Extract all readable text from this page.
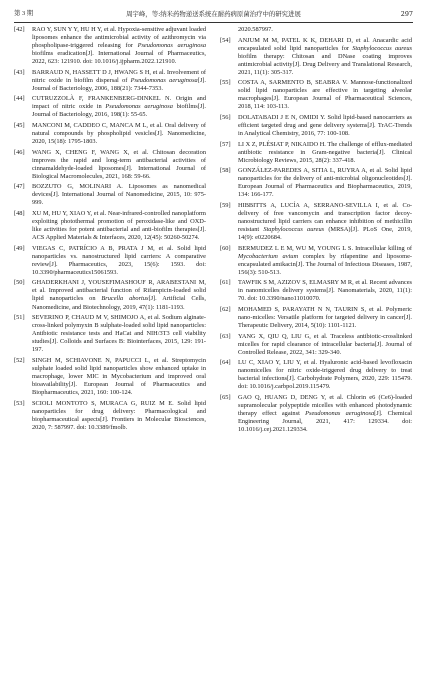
第 3 期	周宇峰，等:纳米药物递送系统在耐药病原菌治疗中的研究进展	297
[42] RAO Y, SUN Y Y, HU H Y, et al. Hypoxia-sensitive adjuvant loaded liposomes enhance the antimicrobial activity of azithromycin via phospholipase-triggered releasing for Pseudomonas aeruginosa biofilms eradication[J]. International Journal of Pharmaceutics, 2022, 623: 121910. doi: 10.1016/j.ijpharm.2022.121910.
[43] BARRAUD N, HASSETT D J, HWANG S H, et al. Involvement of nitric oxide in biofilm dispersal of Pseudomonas aeruginosa[J]. Journal of Bacteriology, 2006, 188(21): 7344-7353.
[44] CUTRUZZOLÀ F, FRANKENBERG-DINKEL N. Origin and impact of nitric oxide in Pseudomonas aeruginosa biofilms[J]. Journal of Bacteriology, 2016, 198(1): 55-65.
[45] MANCONI M, CADDEO C, MANCA M L, et al. Oral delivery of natural compounds by phospholipid vesicles[J]. Nanomedicine, 2020, 15(18): 1795-1803.
[46] WANG X, CHENG F, WANG X, et al. Chitosan decoration improves the rapid and long-term antibacterial activities of cinnamaldehyde-loaded liposomes[J]. International Journal of Biological Macromolecules, 2021, 168: 59-66.
[47] BOZZUTO G, MOLINARI A. Liposomes as nanomedical devices[J]. International Journal of Nanomedicine, 2015, 10: 975-999.
[48] XU M, HU Y, XIAO Y, et al. Near-infrared-controlled nanoplatform exploiting photothermal promotion of peroxidase-like and OXD-like activities for potent antibacterial and anti-biofilm therapies[J]. ACS Applied Materials & Interfaces, 2020, 12(45): 50260-50274.
[49] VIEGAS C, PATRÍCIO A B, PRATA J M, et al. Solid lipid nanoparticles vs. nanostructured lipid carriers: A comparative review[J]. Pharmaceutics, 2023, 15(6): 1593. doi: 10.3390/pharmaceutics15061593.
[50] GHADERKHANI J, YOUSEFIMASHOUF R, ARABESTANI M, et al. Improved antibacterial function of Rifampicin-loaded solid lipid nanoparticles on Brucella abortus[J]. Artificial Cells, Nanomedicine, and Biotechnology, 2019, 47(1): 1181-1193.
[51] SEVERINO P, CHAUD M V, SHIMOJO A, et al. Sodium alginate-cross-linked polymyxin B sulphate-loaded solid lipid nanoparticles: Antibiotic resistance tests and HaCat and NIH/3T3 cell viability studies[J]. Colloids and Surfaces B: Biointerfaces, 2015, 129: 191-197.
[52] SINGH M, SCHIAVONE N, PAPUCCI L, et al. Streptomycin sulphate loaded solid lipid nanoparticles show enhanced uptake in macrophage, lower MIC in Mycobacterium and improved oral bioavailability[J]. European Journal of Pharmaceutics and Biopharmaceutics, 2021, 160: 100-124.
[53] SCIOLI MONTOTO S, MURACA G, RUIZ M E. Solid lipid nanoparticles for drug delivery: Pharmacological and biopharmaceutical aspects[J]. Frontiers in Molecular Biosciences, 2020, 7: 587997. doi: 10.3389/fmolb.
2020.587997.
[54] ANJUM M M, PATEL K K, DEHARI D, et al. Anacardic acid encapsulated solid lipid nanoparticles for Staphylococcus aureus biofilm therapy: Chitosan and DNase coating improves antimicrobial activity[J]. Drug Delivery and Translational Research, 2021, 11(1): 305-317.
[55] COSTA A, SARMENTO B, SEABRA V. Mannose-functionalized solid lipid nanoparticles are effective in targeting alveolar macrophages[J]. European Journal of Pharmaceutical Sciences, 2018, 114: 103-113.
[56] DOLATABADI J E N, OMIDI Y. Solid lipid-based nanocarriers as efficient targeted drug and gene delivery systems[J]. TrAC-Trends in Analytical Chemistry, 2016, 77: 100-108.
[57] LI X Z, PLÉSIAT P, NIKAIDO H. The challenge of efflux-mediated antibiotic resistance in Gram-negative bacteria[J]. Clinical Microbiology Reviews, 2015, 28(2): 337-418.
[58] GONZÁLEZ-PAREDES A, SITIA L, RUYRA A, et al. Solid lipid nanoparticles for the delivery of anti-microbial oligonucleotides[J]. European Journal of Pharmaceutics and Biopharmaceutics, 2019, 134: 166-177.
[59] HIBBITTS A, LUCÍA A, SERRANO-SEVILLA I, et al. Co-delivery of free vancomycin and transcription factor decoy-nanostructured lipid carriers can enhance inhibition of methicillin resistant Staphylococcus aureus (MRSA)[J]. PLoS One, 2019, 14(9): e0220684.
[60] BERMUDEZ L E M, WU M, YOUNG L S. Intracellular killing of Mycobacterium avium complex by rifapentine and liposome-encapsulated amikacin[J]. The Journal of Infectious Diseases, 1987, 156(3): 510-513.
[61] TAWFIK S M, AZIZOV S, ELMASRY M R, et al. Recent advances in nanomicelles delivery systems[J]. Nanomaterials, 2020, 11(1): 70. doi: 10.3390/nano11010070.
[62] MOHAMED S, PARAYATH N N, TAURIN S, et al. Polymeric nano-micelles: Versatile platform for targeted delivery in cancer[J]. Therapeutic Delivery, 2014, 5(10): 1101-1121.
[63] YANG X, QIU Q, LIU G, et al. Traceless antibiotic-crosslinked micelles for rapid clearance of intracellular bacteria[J]. Journal of Controlled Release, 2022, 341: 329-340.
[64] LU C, XIAO Y, LIU Y, et al. Hyaluronic acid-based levofloxacin nanomicelles for nitric oxide-triggered drug delivery to treat bacterial infections[J]. Carbohydrate Polymers, 2020, 229: 115479. doi: 10.1016/j.carbpol.2019.115479.
[65] GAO Q, HUANG D, DENG Y, et al. Chlorin e6 (Ce6)-loaded supramolecular polypeptide micelles with enhanced photodynamic therapy effect against Pseudomonas aeruginosa[J]. Chemical Engineering Journal, 2021, 417: 129334. doi: 10.1016/j.cej.2021.129334.
